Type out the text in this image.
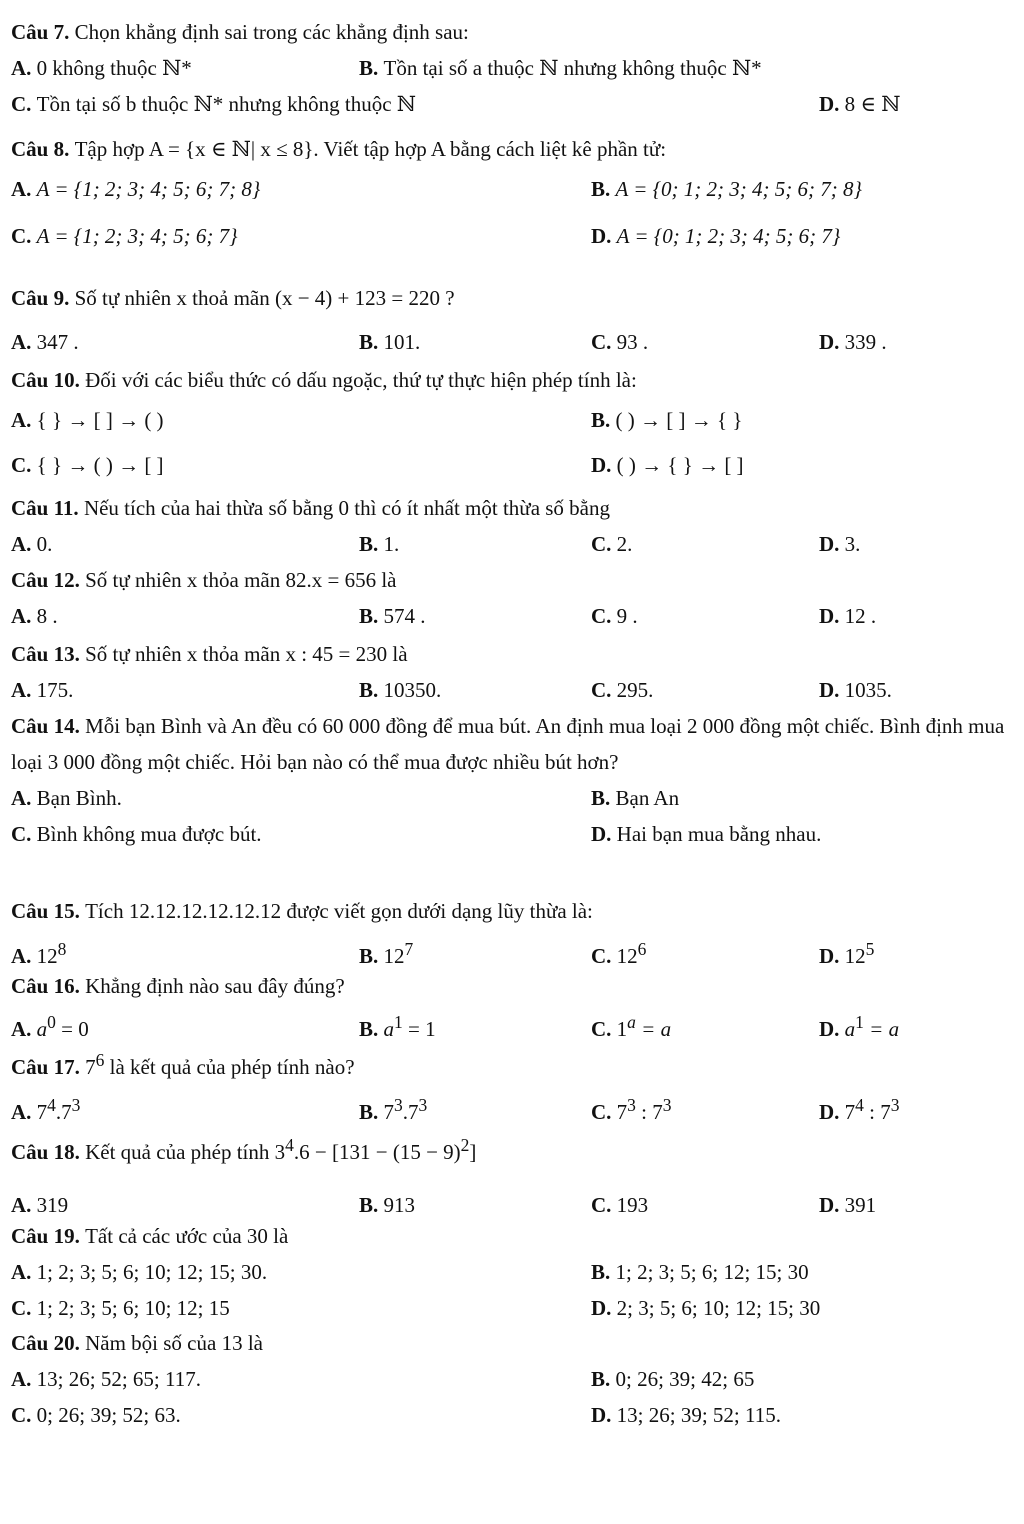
Câu 7. Chọn khẳng định sai trong các khẳng định sau:
A. 0 không thuộc ℕ*	B. Tồn tại số a thuộc ℕ nhưng không thuộc ℕ*
C. Tồn tại số b thuộc ℕ* nhưng không thuộc ℕ	D. 8 ∈ ℕ
Câu 8. Tập hợp A = {x ∈ ℕ| x ≤ 8}. Viết tập hợp A bằng cách liệt kê phần tử:
A. A = {1; 2; 3; 4; 5; 6; 7; 8}	B. A = {0; 1; 2; 3; 4; 5; 6; 7; 8}
C. A = {1; 2; 3; 4; 5; 6; 7}	D. A = {0; 1; 2; 3; 4; 5; 6; 7}
Câu 9. Số tự nhiên x thoả mãn (x − 4) + 123 = 220 ?
A. 347 .	B. 101.	C. 93 .	D. 339 .
Câu 10. Đối với các biểu thức có dấu ngoặc, thứ tự thực hiện phép tính là:
A. { } → [ ] → ( )	B. ( ) → [ ] → { }
C. { } → ( ) → [ ]	D. ( ) → { } → [ ]
Câu 11. Nếu tích của hai thừa số bằng 0 thì có ít nhất một thừa số bằng
A. 0.	B. 1.	C. 2.	D. 3.
Câu 12. Số tự nhiên x thỏa mãn 82.x = 656 là
A. 8 .	B. 574 .	C. 9 .	D. 12 .
Câu 13. Số tự nhiên x thỏa mãn x : 45 = 230 là
A. 175.	B. 10350.	C. 295.	D. 1035.
Câu 14. Mỗi bạn Bình và An đều có 60 000 đồng để mua bút. An định mua loại 2 000 đồng một chiếc. Bình định mua loại 3 000 đồng một chiếc. Hỏi bạn nào có thể mua được nhiều bút hơn?
A. Bạn Bình.	B. Bạn An
C. Bình không mua được bút.	D. Hai bạn mua bằng nhau.
Câu 15. Tích 12.12.12.12.12.12 được viết gọn dưới dạng lũy thừa là:
A. $12^8$	B. $12^7$	C. $12^6$	D. $12^5$
Câu 16. Khẳng định nào sau đây đúng?
A. $a^0 = 0$	B. $a^1 = 1$	C. $1^a = a$	D. $a^1 = a$
Câu 17. $7^6$ là kết quả của phép tính nào?
A. $7^4.7^3$	B. $7^3.7^3$	C. $7^3$ : $7^3$	D. $7^4$ : $7^3$
Câu 18. Kết quả của phép tính $3^4.6 - [131 - (15 - 9)^2]$
A. 319	B. 913	C. 193	D. 391
Câu 19. Tất cả các ước của 30 là
A. 1; 2; 3; 5; 6; 10; 12; 15; 30.	B. 1; 2; 3; 5; 6; 12; 15; 30
C. 1; 2; 3; 5; 6; 10; 12; 15	D. 2; 3; 5; 6; 10; 12; 15; 30
Câu 20. Năm bội số của 13 là
A. 13; 26; 52; 65; 117.	B. 0; 26; 39; 42; 65
C. 0; 26; 39; 52; 63.	D. 13; 26; 39; 52; 115.
